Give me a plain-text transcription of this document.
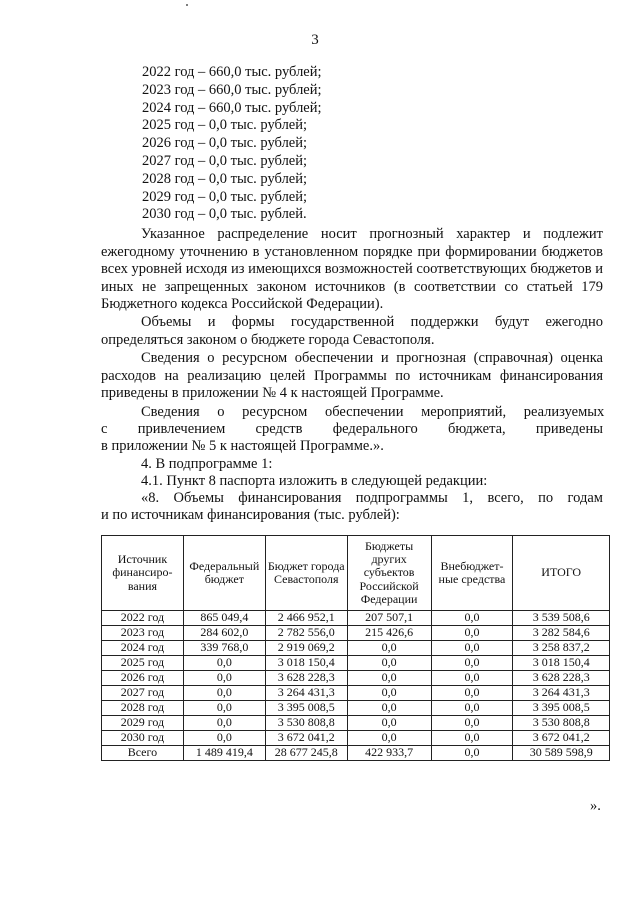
3
2022 год – 660,0 тыс. рублей;
2023 год – 660,0 тыс. рублей;
2024 год – 660,0 тыс. рублей;
2025 год – 0,0 тыс. рублей;
2026 год – 0,0 тыс. рублей;
2027 год – 0,0 тыс. рублей;
2028 год – 0,0 тыс. рублей;
2029 год – 0,0 тыс. рублей;
2030 год – 0,0 тыс. рублей.
Указанное распределение носит прогнозный характер и подлежит ежегодному уточнению в установленном порядке при формировании бюджетов всех уровней исходя из имеющихся возможностей соответствующих бюджетов и иных не запрещенных законом источников (в соответствии со статьей 179 Бюджетного кодекса Российской Федерации).
Объемы и формы государственной поддержки будут ежегодно определяться законом о бюджете города Севастополя.
Сведения о ресурсном обеспечении и прогнозная (справочная) оценка расходов на реализацию целей Программы по источникам финансирования приведены в приложении № 4 к настоящей Программе.
Сведения о ресурсном обеспечении мероприятий, реализуемых
с привлечением средств федерального бюджета, приведены
в приложении № 5 к настоящей Программе.».
4. В подпрограмме 1:
4.1. Пункт 8 паспорта изложить в следующей редакции:
«8. Объемы финансирования подпрограммы 1, всего, по годам
и по источникам финансирования (тыс. рублей):
Источник финансиро-вания	Федеральный бюджет	Бюджет города Севастополя	Бюджеты других субъектов Российской Федерации	Внебюджет-ные средства	ИТОГО
2022 год	865 049,4	2 466 952,1	207 507,1	0,0	3 539 508,6
2023 год	284 602,0	2 782 556,0	215 426,6	0,0	3 282 584,6
2024 год	339 768,0	2 919 069,2	0,0	0,0	3 258 837,2
2025 год	0,0	3 018 150,4	0,0	0,0	3 018 150,4
2026 год	0,0	3 628 228,3	0,0	0,0	3 628 228,3
2027 год	0,0	3 264 431,3	0,0	0,0	3 264 431,3
2028 год	0,0	3 395 008,5	0,0	0,0	3 395 008,5
2029 год	0,0	3 530 808,8	0,0	0,0	3 530 808,8
2030 год	0,0	3 672 041,2	0,0	0,0	3 672 041,2
Всего	1 489 419,4	28 677 245,8	422 933,7	0,0	30 589 598,9
».
